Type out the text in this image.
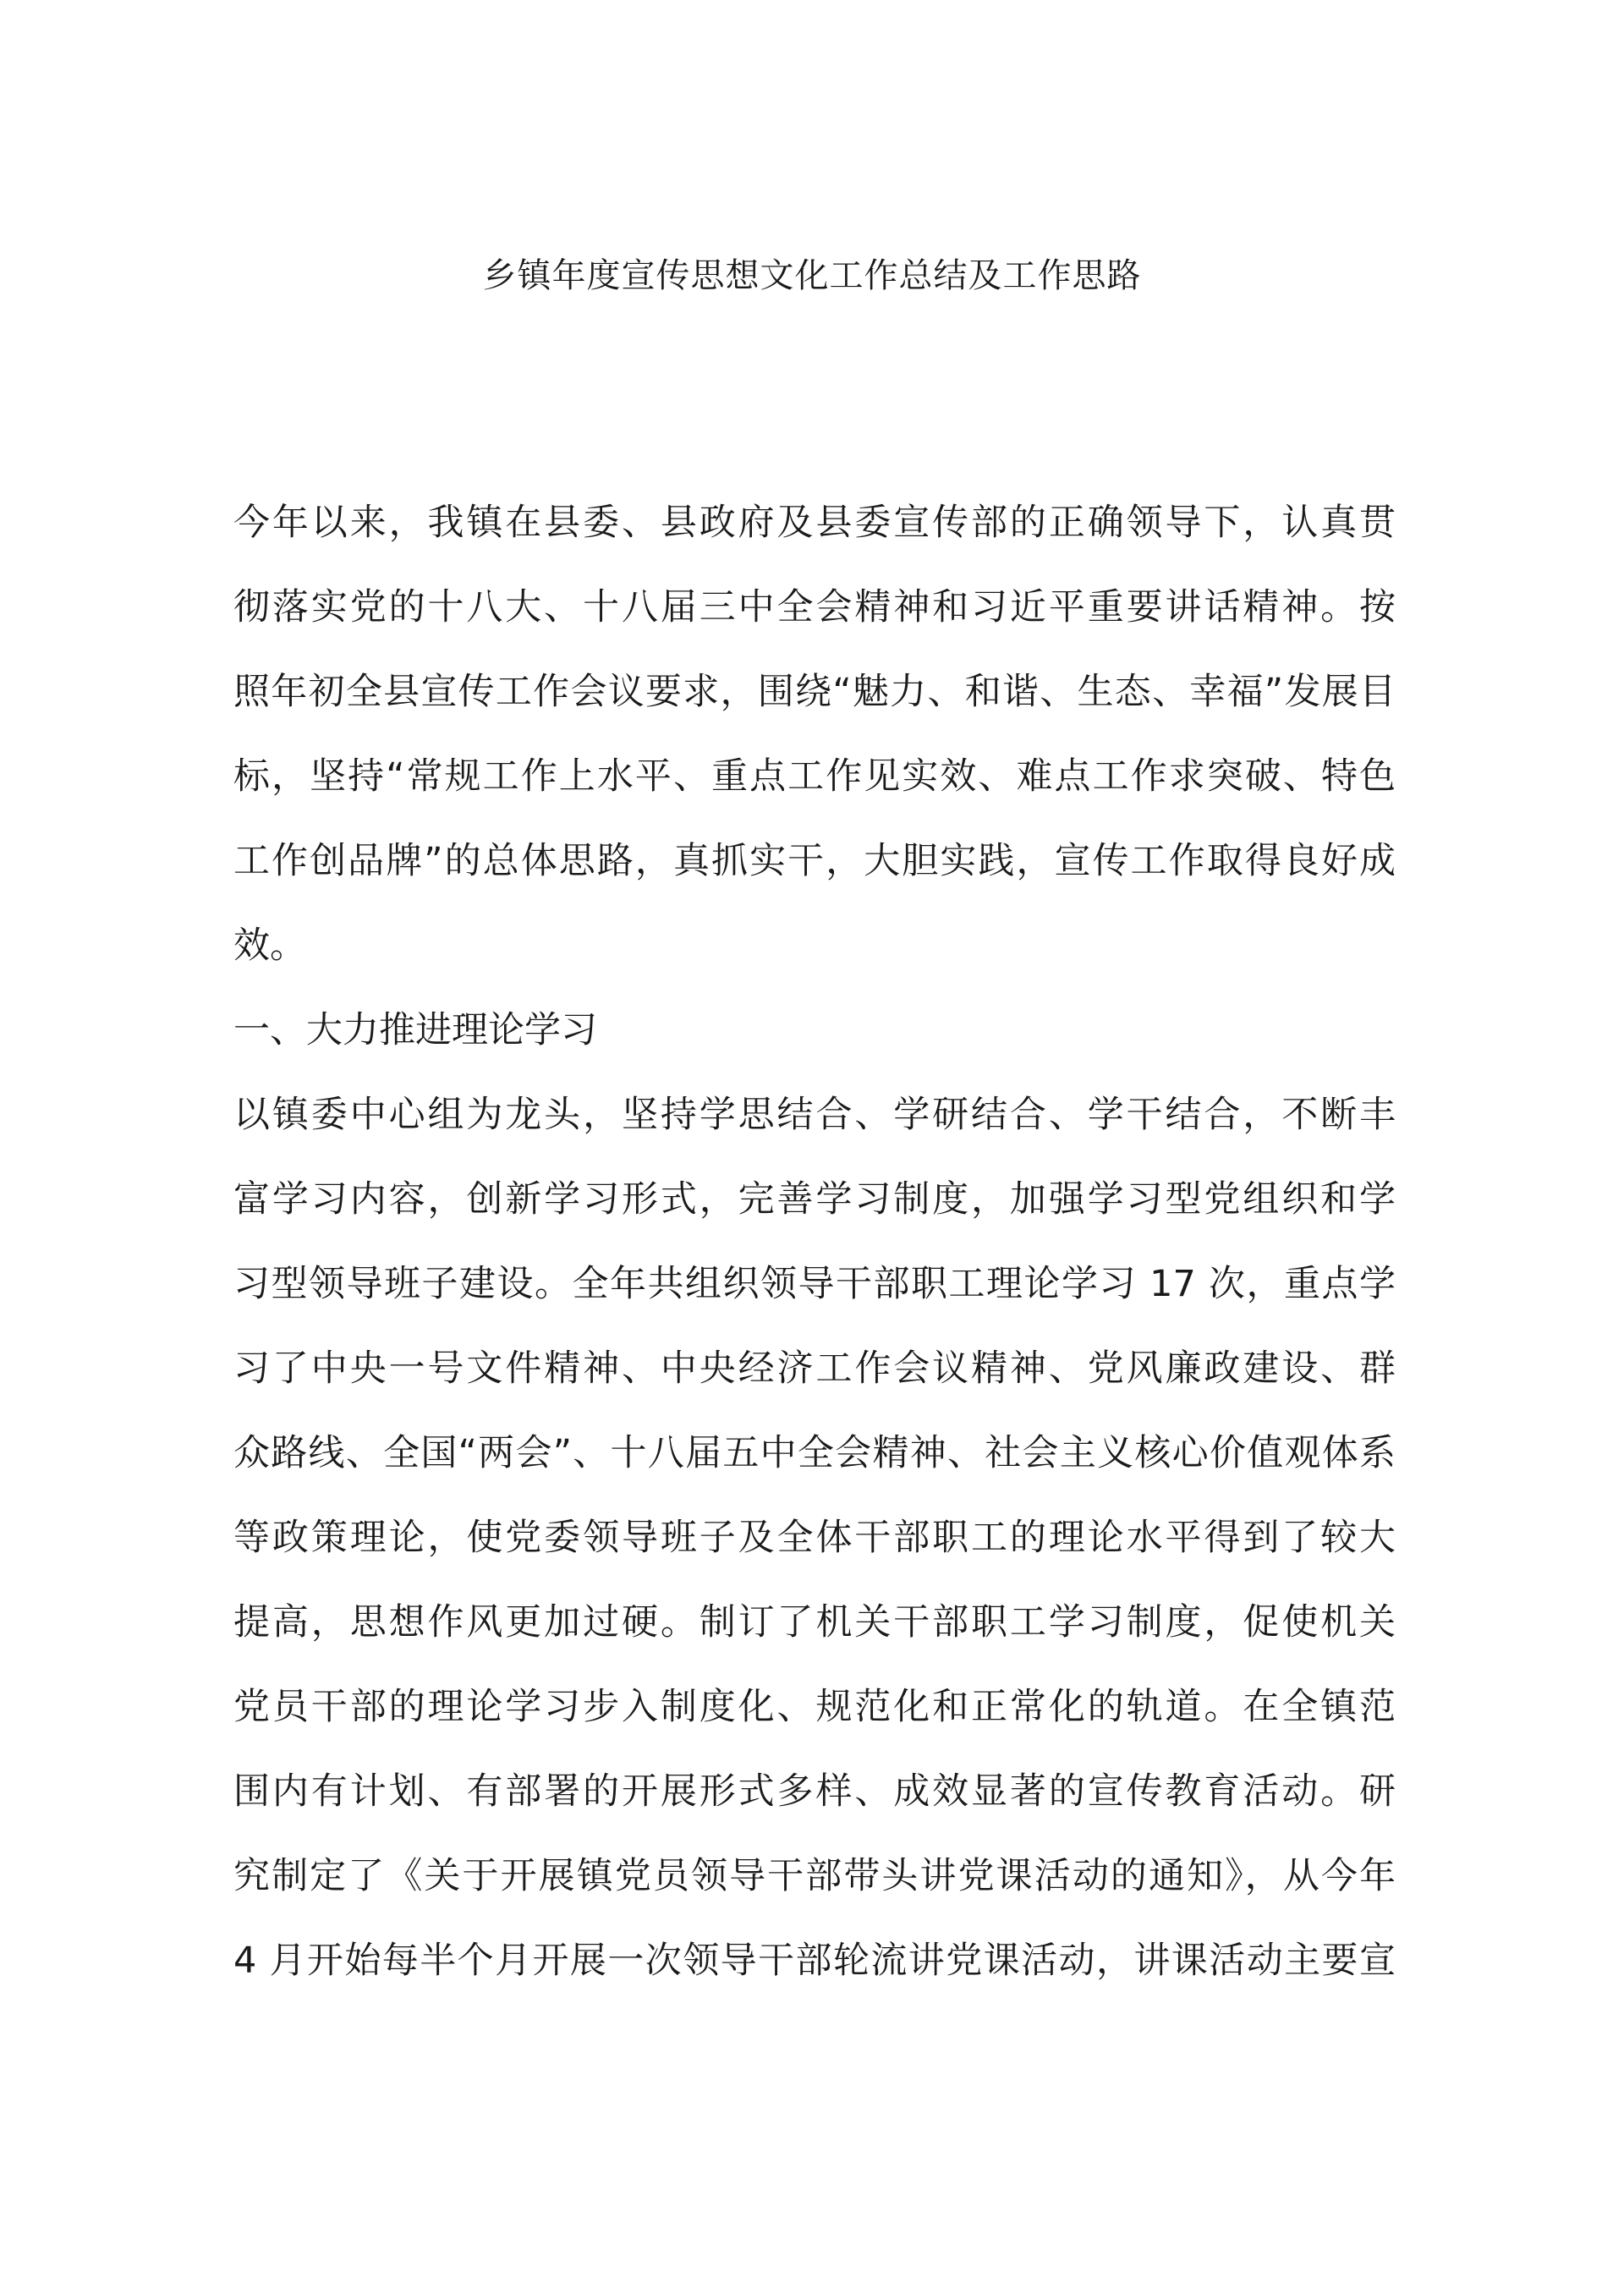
乡镇年度宣传思想文化工作总结及工作思路
今年以来，我镇在县委、县政府及县委宣传部的正确领导下，认真贯
彻落实党的十八大、十八届三中全会精神和习近平重要讲话精神。按
照年初全县宣传工作会议要求，围绕“魅力、和谐、生态、幸福”发展目
标，坚持“常规工作上水平、重点工作见实效、难点工作求突破、特色
工作创品牌”的总体思路，真抓实干，大胆实践，宣传工作取得良好成
效。
一、大力推进理论学习
以镇委中心组为龙头，坚持学思结合、学研结合、学干结合，不断丰
富学习内容，创新学习形式，完善学习制度，加强学习型党组织和学
习型领导班子建设。全年共组织领导干部职工理论学习 17 次，重点学
习了中央一号文件精神、中央经济工作会议精神、党风廉政建设、群
众路线、全国“两会”、十八届五中全会精神、社会主义核心价值观体系
等政策理论，使党委领导班子及全体干部职工的理论水平得到了较大
提高，思想作风更加过硬。制订了机关干部职工学习制度，促使机关
党员干部的理论学习步入制度化、规范化和正常化的轨道。在全镇范
围内有计划、有部署的开展形式多样、成效显著的宣传教育活动。研
究制定了《关于开展镇党员领导干部带头讲党课活动的通知》，从今年
4 月开始每半个月开展一次领导干部轮流讲党课活动，讲课活动主要宣
